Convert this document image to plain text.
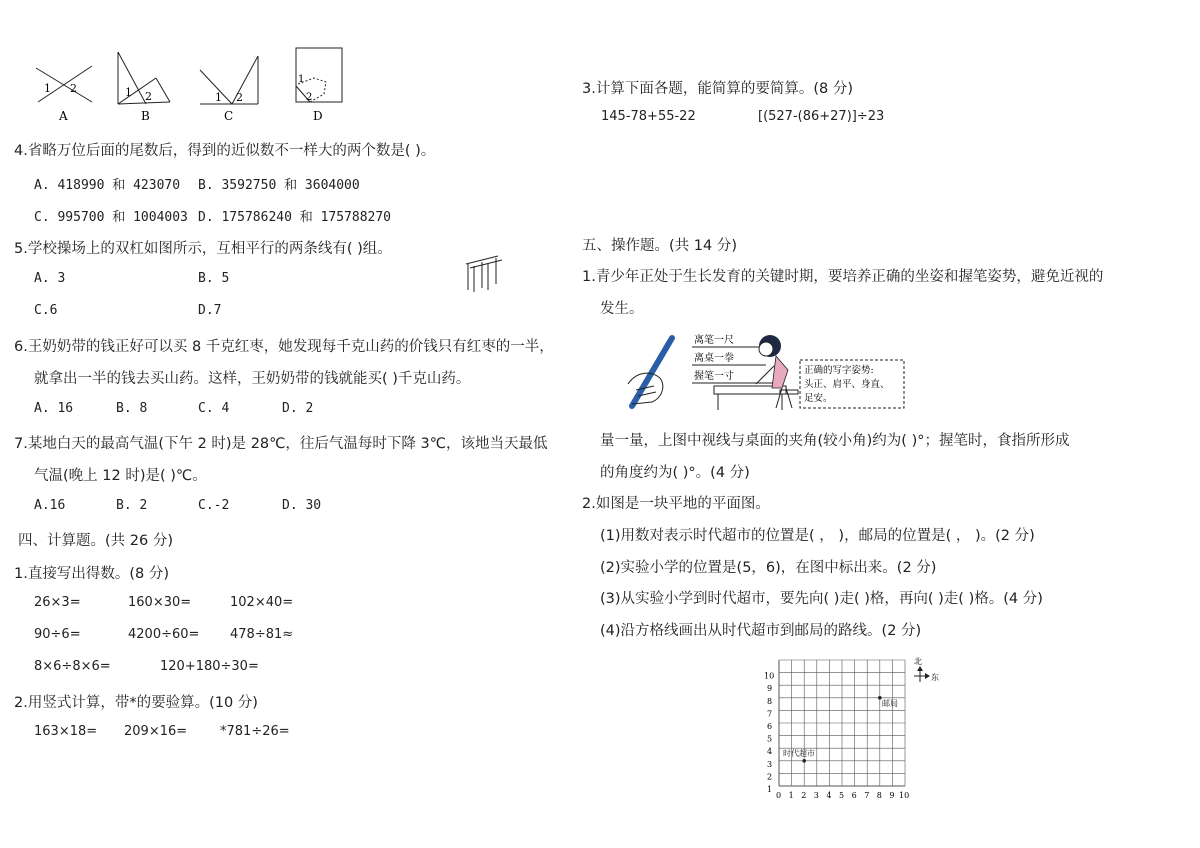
1 2
A
1 2
B
1 2
C
1
2
D
4.省略万位后面的尾数后，得到的近似数不一样大的两个数是( )。
A. 418990 和 423070 B. 3592750 和 3604000
C. 995700 和 1004003 D. 175786240 和 175788270
5.学校操场上的双杠如图所示，互相平行的两条线有( )组。
A. 3	B. 5
C.6	D.7
6.王奶奶带的钱正好可以买 8 千克红枣，她发现每千克山药的价钱只有红枣的一半，
就拿出一半的钱去买山药。这样，王奶奶带的钱就能买( )千克山药。
A. 16	B. 8	C. 4	D. 2
7.某地白天的最高气温(下午 2 时)是 28℃，往后气温每时下降 3℃，该地当天最低
气温(晚上 12 时)是( )℃。
A.16	B. 2	C.-2	D. 30
四、计算题。(共 26 分)
1.直接写出得数。(8 分)
26×3=	160×30=	102×40=
90÷6=	4200÷60= 478÷81≈
8×6÷8×6=	120+180÷30=
2.用竖式计算，带*的要验算。(10 分)
163×18= 209×16=	*781÷26=
3.计算下面各题，能简算的要简算。(8 分)
145-78+55-22	[(527-(86+27)]÷23
五、操作题。(共 14 分)
1.青少年正处于生长发育的关键时期，要培养正确的坐姿和握笔姿势，避免近视的
发生。
离笔一尺
离桌一拳
握笔一寸
正确的写字姿势:
头正、肩平、身直、
足安。
量一量，上图中视线与桌面的夹角(较小角)约为( )°；握笔时，食指所形成
的角度约为( )°。(4 分)
2.如图是一块平地的平面图。
(1)用数对表示时代超市的位置是( ， )，邮局的位置是( ， )。(2 分)
(2)实验小学的位置是(5，6)，在图中标出来。(2 分)
(3)从实验小学到时代超市，要先向( )走( )格，再向( )走( )格。(4 分)
(4)沿方格线画出从时代超市到邮局的路线。(2 分)
1
2
3
4
5
6
7
8
9
10
0 1 2 3 4 5 6 7 8 9 10
时代超市
邮局
北
东
